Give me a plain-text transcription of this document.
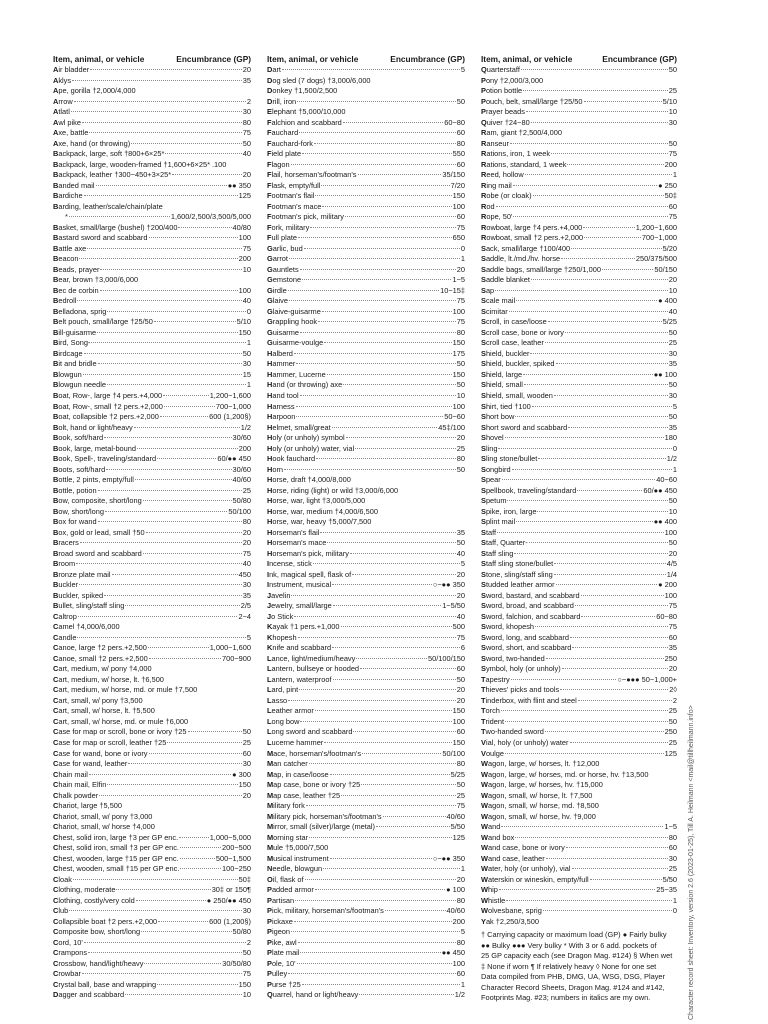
Item, animal, or vehicle	Encumbrance (GP)
Air bladder	20
Aklys	35
Ape, gorilla †2,000/4,000
Arrow	2
Atlatl	30
Awl pike	80
Axe, battle	75
Axe, hand (or throwing)	50
Backpack, large, soft †800+6×25*	40
Backpack, large, wooden-framed †1,600+6×25* .100
Backpack, leather †300−450+3×25*	20
Banded mail	●● 350
Bardiche	125
Barding, leather/scale/chain/plate
*	1,600/2,500/3,500/5,000
Basket, small/large (bushel) †200/400	40/80
Bastard sword and scabbard	100
Battle axe	75
Beacon	200
Beads, prayer	10
Bear, brown †3,000/6,000
Bec de corbin	100
Bedroll	40
Belladona, sprig	0
Belt pouch, small/large †25/50	5/10
Bill-guisarme	150
Bird, Song-	1
Birdcage	50
Bit and bridle	30
Blowgun	15
Blowgun needle	1
Boat, Row-, large †4 pers.+4,000	1,200−1,600
Boat, Row-, small †2 pers.+2,000	700−1,000
Boat, collapsible †2 pers.+2,000	600 (1,200§)
Bolt, hand or light/heavy	1/2
Book, soft/hard	30/60
Book, large, metal-bound	200
Book, Spell-, traveling/standard	60/●● 450
Boots, soft/hard	30/60
Bottle, 2 pints, empty/full	40/60
Bottle, potion	25
Bow, composite, short/long	50/80
Bow, short/long	50/100
Box for wand	80
Box, gold or lead, small †50	20
Bracers	20
Broad sword and scabbard	75
Broom	40
Bronze plate mail	450
Buckler	30
Buckler, spiked	35
Bullet, sling/staff sling	2/5
Caltrop	2−4
Camel †4,000/6,000
Candle	5
Canoe, large †2 pers.+2,500	1,000−1,600
Canoe, small †2 pers.+2,500	700−900
Cart, medium, w/ pony †4,000
Cart, medium, w/ horse, lt. †6,500
Cart, medium, w/ horse, md. or mule †7,500
Cart, small, w/ pony †3,500
Cart, small, w/ horse, lt. †5,500
Cart, small, w/ horse, md. or mule †6,000
Case for map or scroll, bone or ivory †25	50
Case for map or scroll, leather †25	25
Case for wand, bone or ivory	60
Case for wand, leather	30
Chain mail	● 300
Chain mail, Elfin	150
Chalk powder	20
Chariot, large †5,500
Chariot, small, w/ pony †3,000
Chariot, small, w/ horse †4,000
Chest, solid iron, large †3 per GP enc.	1,000−5,000
Chest, solid iron, small †3 per GP enc.	200−500
Chest, wooden, large †15 per GP enc.	500−1,500
Chest, wooden, small †15 per GP enc.	100−250
Cloak	50‡
Clothing, moderate	30‡ or 150¶
Clothing, costly/very cold	● 250/●● 450
Club	30
Collapsible boat †2 pers.+2,000	600 (1,200§)
Composite bow, short/long	50/80
Cord, 10'	2
Crampons	50
Crossbow, hand/light/heavy	30/50/80
Crowbar	75
Crystal ball, base and wrapping	150
Dagger and scabbard	10
Item, animal, or vehicle	Encumbrance (GP)
Dart	5
Dog sled (7 dogs) †3,000/6,000
Donkey †1,500/2,500
Drill, iron	50
Elephant †5,000/10,000
Falchion and scabbard	60−80
Fauchard	60
Fauchard-fork	80
Field plate	550
Flagon	60
Flail, horseman's/footman's	35/150
Flask, empty/full	7/20
Footman's flail	150
Footman's mace	100
Footman's pick, military	60
Fork, military	75
Full plate	650
Garlic, bud	0
Garrot	1
Gauntlets	20
Gemstone	1−5
Girdle	10−15‡
Glaive	75
Glaive-guisarme	100
Grappling hook	75
Guisarme	80
Guisarme-voulge	150
Halberd	175
Hammer	50
Hammer, Lucerne	150
Hand (or throwing) axe	50
Hand tool	10
Harness	100
Harpoon	50−60
Helmet, small/great	45‡/100
Holy (or unholy) symbol	20
Holy (or unholy) water, vial	25
Hook fauchard	80
Horn	50
Horse, draft †4,000/8,000
Horse, riding (light) or wild †3,000/6,000
Horse, war, light †3,000/5,000
Horse, war, medium †4,000/6,500
Horse, war, heavy †5,000/7,500
Horseman's flail	35
Horseman's mace	50
Horseman's pick, military	40
Incense, stick	5
Ink, magical spell, flask of	20
Instrument, musical	○−●● 350
Javelin	20
Jewelry, small/large	1−5/50
Jo Stick	40
Kayak †1 pers.+1,000	500
Khopesh	75
Knife and scabbard	6
Lance, light/medium/heavy	50/100/150
Lantern, bullseye or hooded	60
Lantern, waterproof	50
Lard, pint	20
Lasso	20
Leather armor	150
Long bow	100
Long sword and scabbard	60
Lucerne hammer	150
Mace, horseman's/footman's	50/100
Man catcher	80
Map, in case/loose	5/25
Map case, bone or ivory †25	50
Map case, leather †25	25
Military fork	75
Military pick, horseman's/footman's	40/60
Mirror, small (silver)/large (metal)	5/50
Morning star	125
Mule †5,000/7,500
Musical instrument	○−●● 350
Needle, blowgun	1
Oil, flask of	20
Padded armor	● 100
Partisan	80
Pick, military, horseman's/footman's	40/60
Pickaxe	200
Pigeon	5
Pike, awl	80
Plate mail	●● 450
Pole, 10'	100
Pulley	60
Purse †25	1
Quarrel, hand or light/heavy	1/2
Item, animal, or vehicle	Encumbrance (GP)
Quarterstaff	50
Pony †2,000/3,000
Potion bottle	25
Pouch, belt, small/large †25/50	5/10
Prayer beads	10
Quiver †24−80	30
Ram, giant †2,500/4,000
Ranseur	50
Rations, iron, 1 week	75
Rations, standard, 1 week	200
Reed, hollow	1
Ring mail	● 250
Robe (or cloak)	50‡
Rod	60
Rope, 50'	75
Rowboat, large †4 pers.+4,000	1,200−1,600
Rowboat, small †2 pers.+2,000	700−1,000
Sack, small/large †100/400	5/20
Saddle, lt./md./hv. horse	250/375/500
Saddle bags, small/large †250/1,000	50/150
Saddle blanket	20
Sap	10
Scale mail	● 400
Scimitar	40
Scroll, in case/loose	5/25
Scroll case, bone or ivory	50
Scroll case, leather	25
Shield, buckler	30
Shield, buckler, spiked	35
Shield, large	●● 100
Shield, small	50
Shield, small, wooden	30
Shirt, tied †100	5
Short bow	50
Short sword and scabbard	35
Shovel	180
Sling	0
Sling stone/bullet	1/2
Songbird	1
Spear	40−60
Spellbook, traveling/standard	60/●● 450
Spetum	50
Spike, iron, large	10
Splint mail	●● 400
Staff	100
Staff, Quarter-	50
Staff sling	20
Staff sling stone/bullet	4/5
Stone, sling/staff sling	1/4
Studded leather armor	● 200
Sword, bastard, and scabbard	100
Sword, broad, and scabbard	75
Sword, falchion, and scabbard	60−80
Sword, khopesh	75
Sword, long, and scabbard	60
Sword, short, and scabbard	35
Sword, two-handed	250
Symbol, holy (or unholy)	20
Tapestry	○−●●● 50−1,000+
Thieves' picks and tools	2◊
Tinderbox, with flint and steel	2
Torch	25
Trident	50
Two-handed sword	250
Vial, holy (or unholy) water	25
Voulge	125
Wagon, large, w/ horses, lt. †12,000
Wagon, large, w/ horses, md. or horse, hv. †13,500
Wagon, large, w/ horses, hv. †15,000
Wagon, small, w/ horse, lt. †7,500
Wagon, small, w/ horse, md. †8,500
Wagon, small, w/ horse, hv. †9,000
Wand	1−5
Wand box	80
Wand case, bone or ivory	60
Wand case, leather	30
Water, holy (or unholy), vial	25
Waterskin or wineskin, empty/full	5/50
Whip	25−35
Whistle	1
Wolvesbane, sprig	0
Yak †2,250/3,500
† Carrying capacity or maximum load (GP) ● Fairly bulky
●● Bulky ●●● Very bulky * With 3 or 6 add. pockets of
25 GP capacity each (see Dragon Mag. #124) § When wet
‡ None if worn ¶ If relatively heavy ◊ None for one set
Data compiled from PHB, DMG, UA, WSG, DSG, Player
Character Record Sheets, Dragon Mag. #124 and #142,
Footprints Mag. #23; numbers in italics are my own.	Character record sheet: Inventory, version 2.6 (2023-01-25), Till A. Heilmann <mail@tillheilmann.info>
